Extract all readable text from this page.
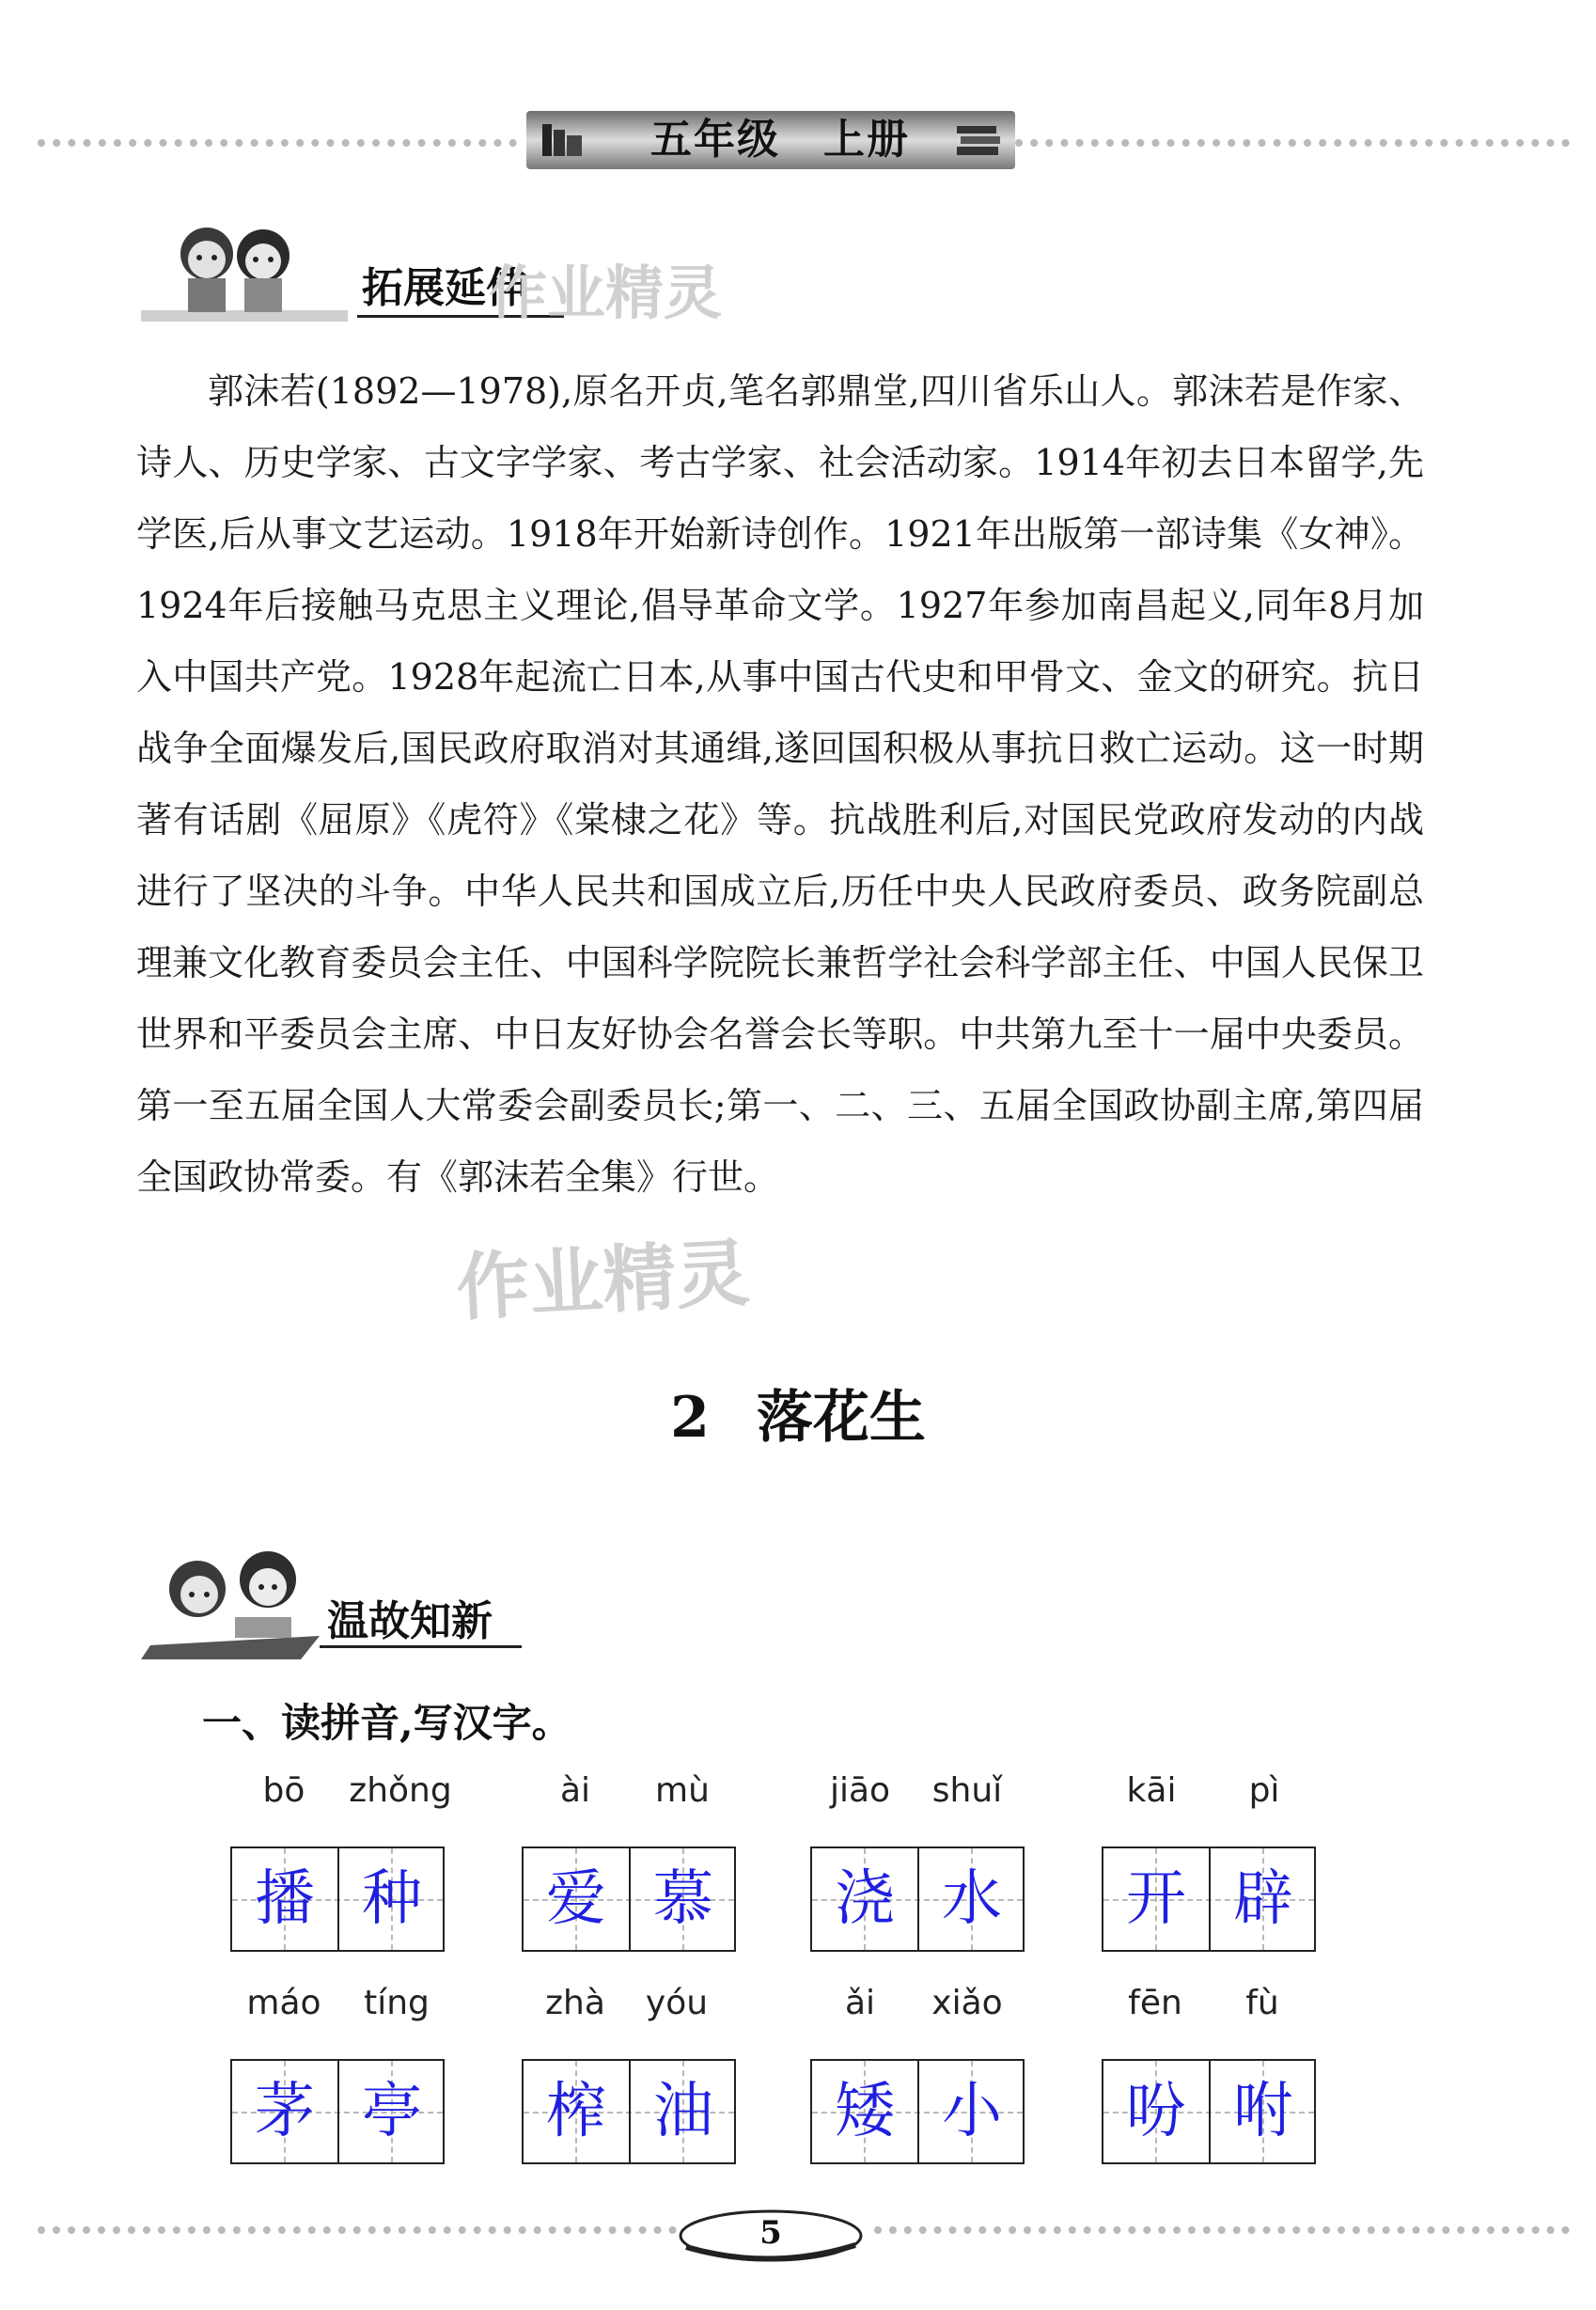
五年级　上册
拓展延伸
作业精灵
郭沫若(1892—1978),原名开贞,笔名郭鼎堂,四川省乐山人。郭沫若是作家、诗人、历史学家、古文字学家、考古学家、社会活动家。1914年初去日本留学,先学医,后从事文艺运动。1918年开始新诗创作。1921年出版第一部诗集《女神》。1924年后接触马克思主义理论,倡导革命文学。1927年参加南昌起义,同年8月加入中国共产党。1928年起流亡日本,从事中国古代史和甲骨文、金文的研究。抗日战争全面爆发后,国民政府取消对其通缉,遂回国积极从事抗日救亡运动。这一时期著有话剧《屈原》《虎符》《棠棣之花》等。抗战胜利后,对国民党政府发动的内战进行了坚决的斗争。中华人民共和国成立后,历任中央人民政府委员、政务院副总理兼文化教育委员会主任、中国科学院院长兼哲学社会科学部主任、中国人民保卫世界和平委员会主席、中日友好协会名誉会长等职。中共第九至十一届中央委员。第一至五届全国人大常委会副委员长;第一、二、三、五届全国政协副主席,第四届全国政协常委。有《郭沫若全集》行世。
作业精灵
2 落花生
温故知新
一、读拼音,写汉字。
bō	zhǒng	ài	mù	jiāo	shuǐ	kāi	pì
播 种	爱 慕	浇 水	开 辟
máo	tíng	zhà	yóu	ǎi	xiǎo	fēn	fù
茅 亭	榨 油	矮 小	吩 咐
5
